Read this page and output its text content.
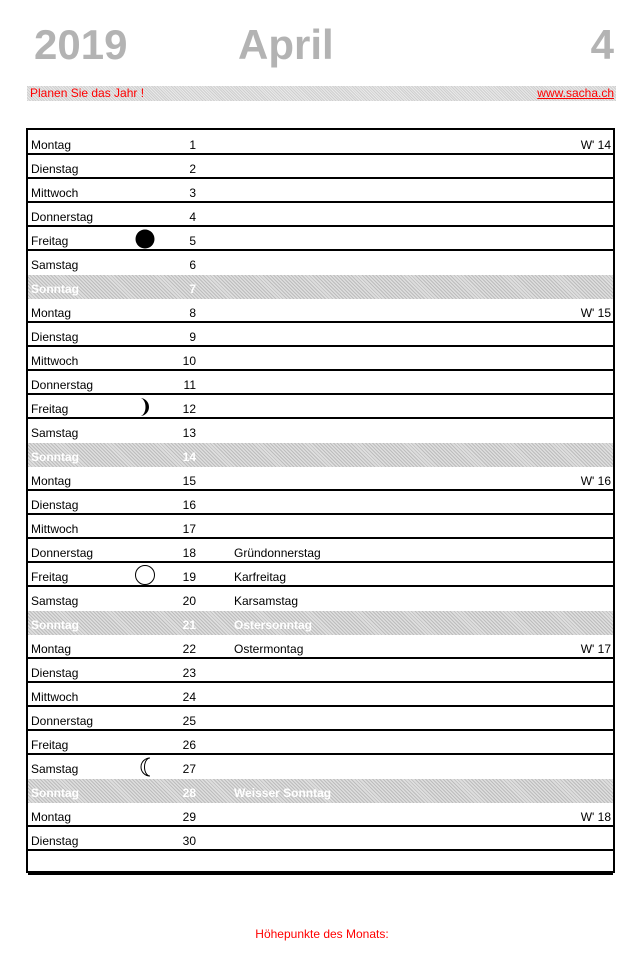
2019	April	4
Planen Sie das Jahr !	www.sacha.ch
Montag	1	W' 14
Dienstag	2
Mittwoch	3
Donnerstag	4
Freitag	5
Samstag	6
Sonntag	7
Montag	8	W' 15
Dienstag	9
Mittwoch	10
Donnerstag	11
Freitag	12
Samstag	13
Sonntag	14
Montag	15	W' 16
Dienstag	16
Mittwoch	17
Donnerstag	18	Gründonnerstag
Freitag	19	Karfreitag
Samstag	20	Karsamstag
Sonntag	21	Ostersonntag
Montag	22	Ostermontag	W' 17
Dienstag	23
Mittwoch	24
Donnerstag	25
Freitag	26
Samstag	27
Sonntag	28	Weisser Sonntag
Montag	29	W' 18
Dienstag	30
Höhepunkte des Monats:
